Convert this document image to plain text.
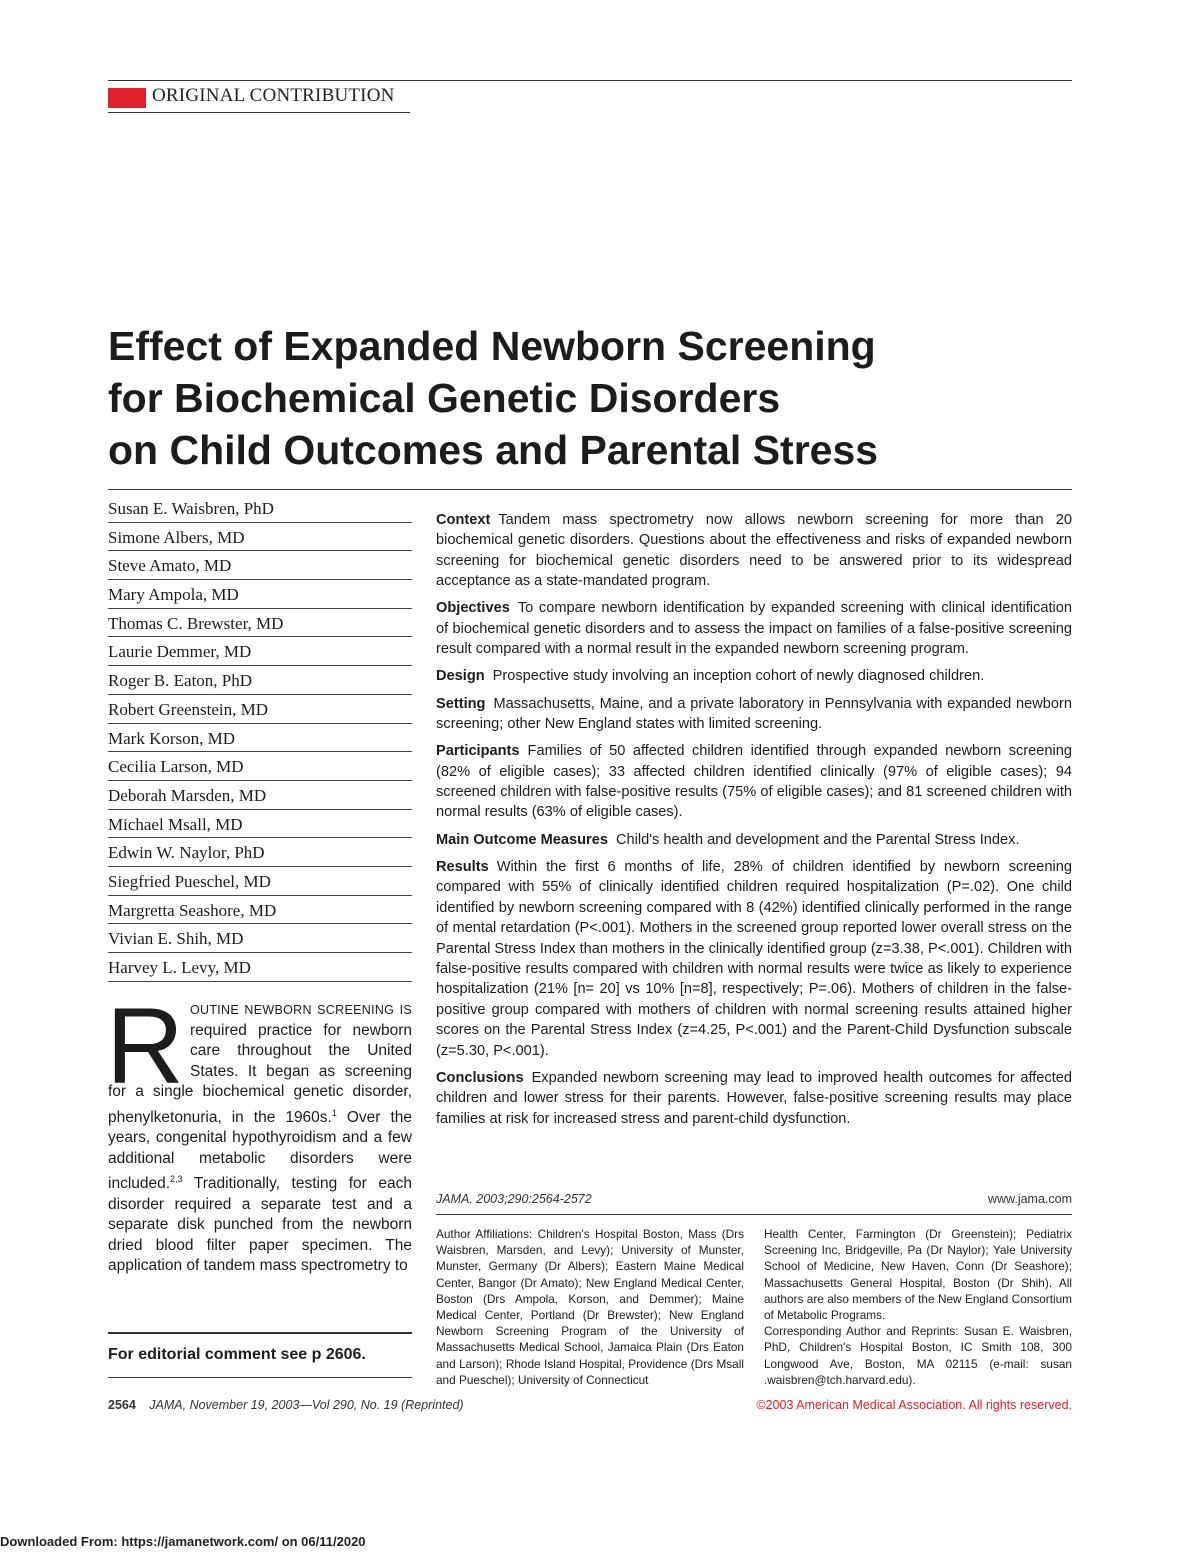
ORIGINAL CONTRIBUTION
Effect of Expanded Newborn Screening
for Biochemical Genetic Disorders
on Child Outcomes and Parental Stress
Susan E. Waisbren, PhD
Simone Albers, MD
Steve Amato, MD
Mary Ampola, MD
Thomas C. Brewster, MD
Laurie Demmer, MD
Roger B. Eaton, PhD
Robert Greenstein, MD
Mark Korson, MD
Cecilia Larson, MD
Deborah Marsden, MD
Michael Msall, MD
Edwin W. Naylor, PhD
Siegfried Pueschel, MD
Margretta Seashore, MD
Vivian E. Shih, MD
Harvey L. Levy, MD
ROUTINE NEWBORN SCREENING IS required practice for newborn care throughout the United States. It began as screening for a single biochemical genetic disorder, phenylketonuria, in the 1960s.$^1$ Over the years, congenital hypothyroidism and a few additional metabolic disorders were included.$^{2,3}$ Traditionally, testing for each disorder required a separate test and a separate disk punched from the newborn dried blood filter paper specimen. The application of tandem mass spectrometry to
For editorial comment see p 2606.

Context Tandem mass spectrometry now allows newborn screening for more than 20 biochemical genetic disorders. Questions about the effectiveness and risks of expanded newborn screening for biochemical genetic disorders need to be answered prior to its widespread acceptance as a state-mandated program.

Objectives To compare newborn identification by expanded screening with clinical identification of biochemical genetic disorders and to assess the impact on families of a false-positive screening result compared with a normal result in the expanded newborn screening program.

Design Prospective study involving an inception cohort of newly diagnosed children.

Setting Massachusetts, Maine, and a private laboratory in Pennsylvania with expanded newborn screening; other New England states with limited screening.

Participants Families of 50 affected children identified through expanded newborn screening (82% of eligible cases); 33 affected children identified clinically (97% of eligible cases); 94 screened children with false-positive results (75% of eligible cases); and 81 screened children with normal results (63% of eligible cases).

Main Outcome Measures Child's health and development and the Parental Stress Index.

Results Within the first 6 months of life, 28% of children identified by newborn screening compared with 55% of clinically identified children required hospitalization (P=.02). One child identified by newborn screening compared with 8 (42%) identified clinically performed in the range of mental retardation (P<.001). Mothers in the screened group reported lower overall stress on the Parental Stress Index than mothers in the clinically identified group (z=3.38, P<.001). Children with false-positive results compared with children with normal results were twice as likely to experience hospitalization (21% [n= 20] vs 10% [n=8], respectively; P=.06). Mothers of children in the false-positive group compared with mothers of children with normal screening results attained higher scores on the Parental Stress Index (z=4.25, P<.001) and the Parent-Child Dysfunction subscale (z=5.30, P<.001).

Conclusions Expanded newborn screening may lead to improved health outcomes for affected children and lower stress for their parents. However, false-positive screening results may place families at risk for increased stress and parent-child dysfunction.

JAMA. 2003;290:2564-2572	www.jama.com
Author Affiliations: Children's Hospital Boston, Mass (Drs Waisbren, Marsden, and Levy); University of Munster, Munster, Germany (Dr Albers); Eastern Maine Medical Center, Bangor (Dr Amato); New England Medical Center, Boston (Drs Ampola, Korson, and Demmer); Maine Medical Center, Portland (Dr Brewster); New England Newborn Screening Program of the University of Massachusetts Medical School, Jamaica Plain (Drs Eaton and Larson); Rhode Island Hospital, Providence (Drs Msall and Pueschel); University of Connecticut
Health Center, Farmington (Dr Greenstein); Pediatrix Screening Inc, Bridgeville, Pa (Dr Naylor); Yale University School of Medicine, New Haven, Conn (Dr Seashore); Massachusetts General Hospital, Boston (Dr Shih). All authors are also members of the New England Consortium of Metabolic Programs.
Corresponding Author and Reprints: Susan E. Waisbren, PhD, Children's Hospital Boston, IC Smith 108, 300 Longwood Ave, Boston, MA 02115 (e-mail: susan .waisbren@tch.harvard.edu).
2564 JAMA, November 19, 2003—Vol 290, No. 19 (Reprinted)	©2003 American Medical Association. All rights reserved.
Downloaded From: https://jamanetwork.com/ on 06/11/2020
